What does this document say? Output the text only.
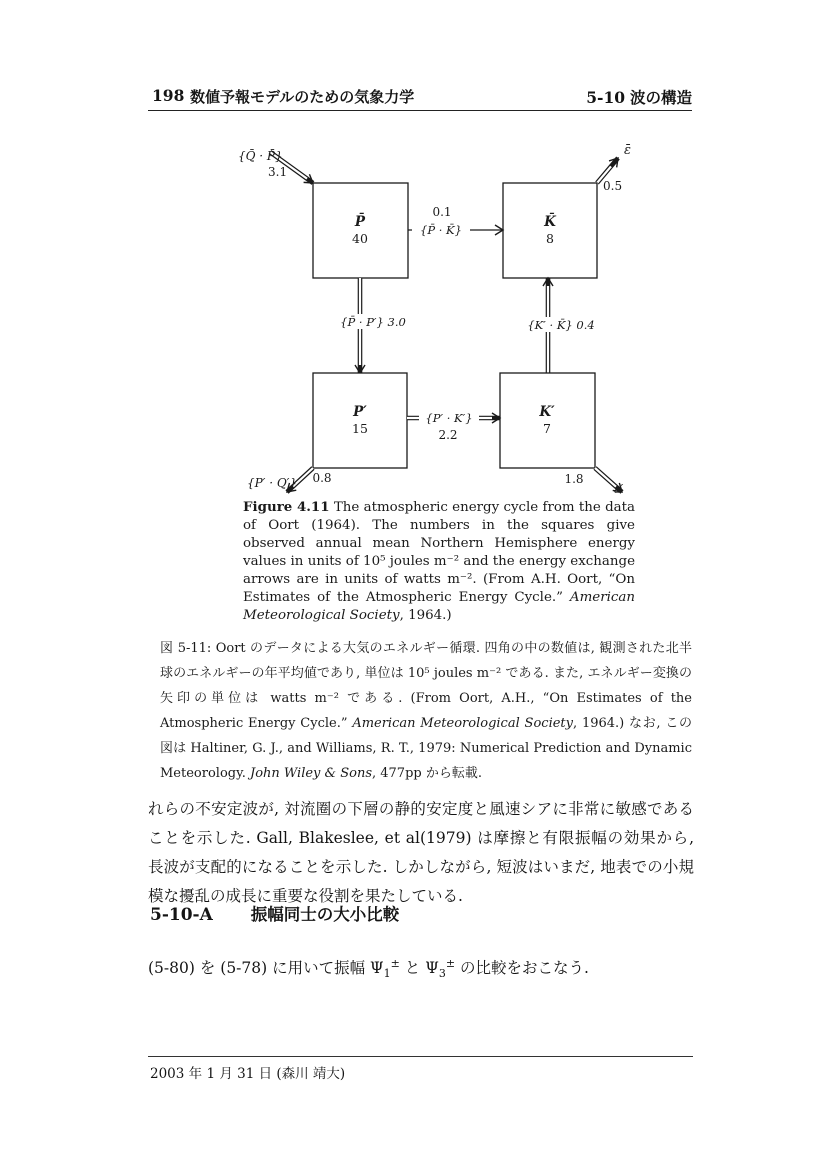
198 数値予報モデルのための気象力学	5-10 波の構造
{Q̄ · P̄}
3.1
ε̄
0.5
P̄
40
K̄
8
{P̄ · K̄}
0.1
{P̄ · P′} 3.0	{K′ · K̄} 0.4
P′
15
K′
7
{P′ · K′}
2.2
{P′ · Q′} 0.8	1.8
ε′
Figure 4.11 The atmospheric energy cycle from the data of Oort (1964). The numbers in the squares give observed annual mean Northern Hemisphere energy values in units of 10⁵ joules m⁻² and the energy exchange arrows are in units of watts m⁻². (From A.H. Oort, “On Estimates of the Atmospheric Energy Cycle.” American Meteorological Society, 1964.)
図 5-11: Oort のデータによる大気のエネルギー循環. 四角の中の数値は, 観測された北半球のエネルギーの年平均値であり, 単位は 10⁵ joules m⁻² である. また, エネルギー変換の矢印の単位は watts m⁻² である. (From Oort, A.H., “On Estimates of the Atmospheric Energy Cycle.” American Meteorological Society, 1964.) なお, この図は Haltiner, G. J., and Williams, R. T., 1979: Numerical Prediction and Dynamic Meteorology. John Wiley & Sons, 477pp から転載.
れらの不安定波が, 対流圈の下層の静的安定度と風速シアに非常に敏感であることを示した. Gall, Blakeslee, et al(1979) は摩擦と有限振幅の効果から, 長波が支配的になることを示した. しかしながら, 短波はいまだ, 地表での小規模な擾乱の成長に重要な役割を果たしている.
5-10-A 振幅同士の大小比較
(5-80) を (5-78) に用いて振幅 $\Psi_1^\pm$ と $\Psi_3^\pm$ の比較をおこなう.
2003 年 1 月 31 日 (森川 靖大)
